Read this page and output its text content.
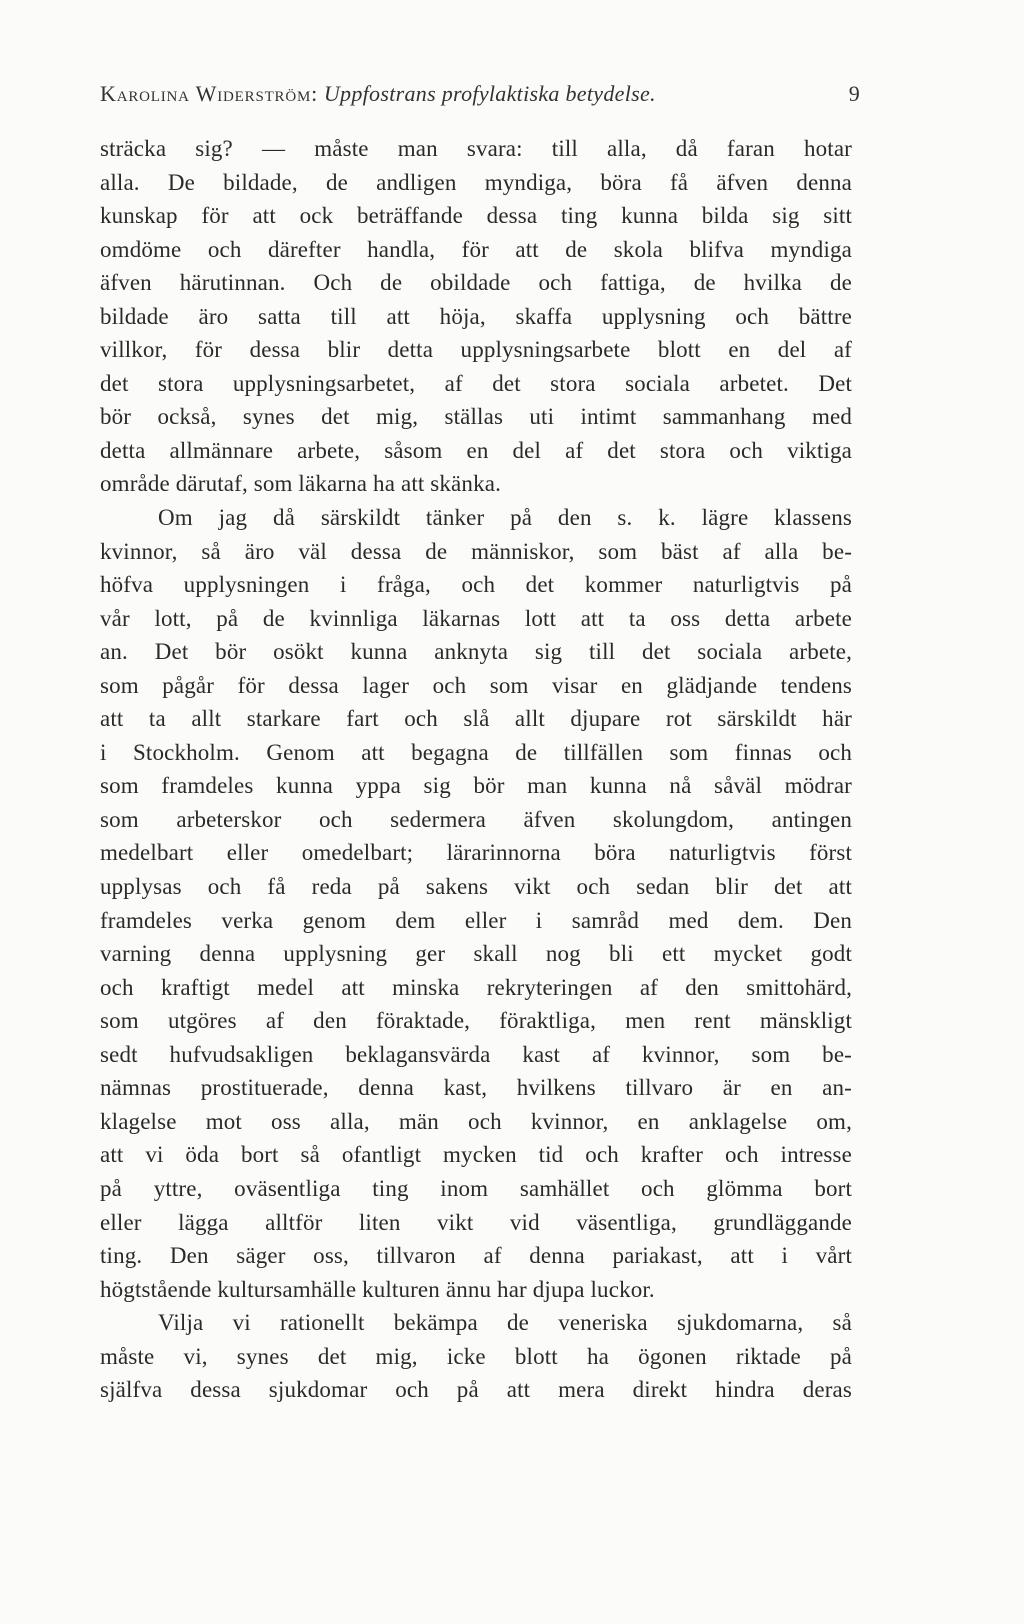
Karolina Widerström: Uppfostrans profylaktiska betydelse.	9
sträcka sig? — måste man svara: till alla, då faran hotar
alla. De bildade, de andligen myndiga, böra få äfven denna
kunskap för att ock beträffande dessa ting kunna bilda sig sitt
omdöme och därefter handla, för att de skola blifva myndiga
äfven härutinnan. Och de obildade och fattiga, de hvilka de
bildade äro satta till att höja, skaffa upplysning och bättre
villkor, för dessa blir detta upplysningsarbete blott en del af
det stora upplysningsarbetet, af det stora sociala arbetet. Det
bör också, synes det mig, ställas uti intimt sammanhang med
detta allmännare arbete, såsom en del af det stora och viktiga
område därutaf, som läkarna ha att skänka.
Om jag då särskildt tänker på den s. k. lägre klassens
kvinnor, så äro väl dessa de människor, som bäst af alla be-
höfva upplysningen i fråga, och det kommer naturligtvis på
vår lott, på de kvinnliga läkarnas lott att ta oss detta arbete
an. Det bör osökt kunna anknyta sig till det sociala arbete,
som pågår för dessa lager och som visar en glädjande tendens
att ta allt starkare fart och slå allt djupare rot särskildt här
i Stockholm. Genom att begagna de tillfällen som finnas och
som framdeles kunna yppa sig bör man kunna nå såväl mödrar
som arbeterskor och sedermera äfven skolungdom, antingen
medelbart eller omedelbart; lärarinnorna böra naturligtvis först
upplysas och få reda på sakens vikt och sedan blir det att
framdeles verka genom dem eller i samråd med dem. Den
varning denna upplysning ger skall nog bli ett mycket godt
och kraftigt medel att minska rekryteringen af den smittohärd,
som utgöres af den föraktade, föraktliga, men rent mänskligt
sedt hufvudsakligen beklagansvärda kast af kvinnor, som be-
nämnas prostituerade, denna kast, hvilkens tillvaro är en an-
klagelse mot oss alla, män och kvinnor, en anklagelse om,
att vi öda bort så ofantligt mycken tid och krafter och intresse
på yttre, oväsentliga ting inom samhället och glömma bort
eller lägga alltför liten vikt vid väsentliga, grundläggande
ting. Den säger oss, tillvaron af denna pariakast, att i vårt
högtstående kultursamhälle kulturen ännu har djupa luckor.
Vilja vi rationellt bekämpa de veneriska sjukdomarna, så
måste vi, synes det mig, icke blott ha ögonen riktade på
själfva dessa sjukdomar och på att mera direkt hindra deras
